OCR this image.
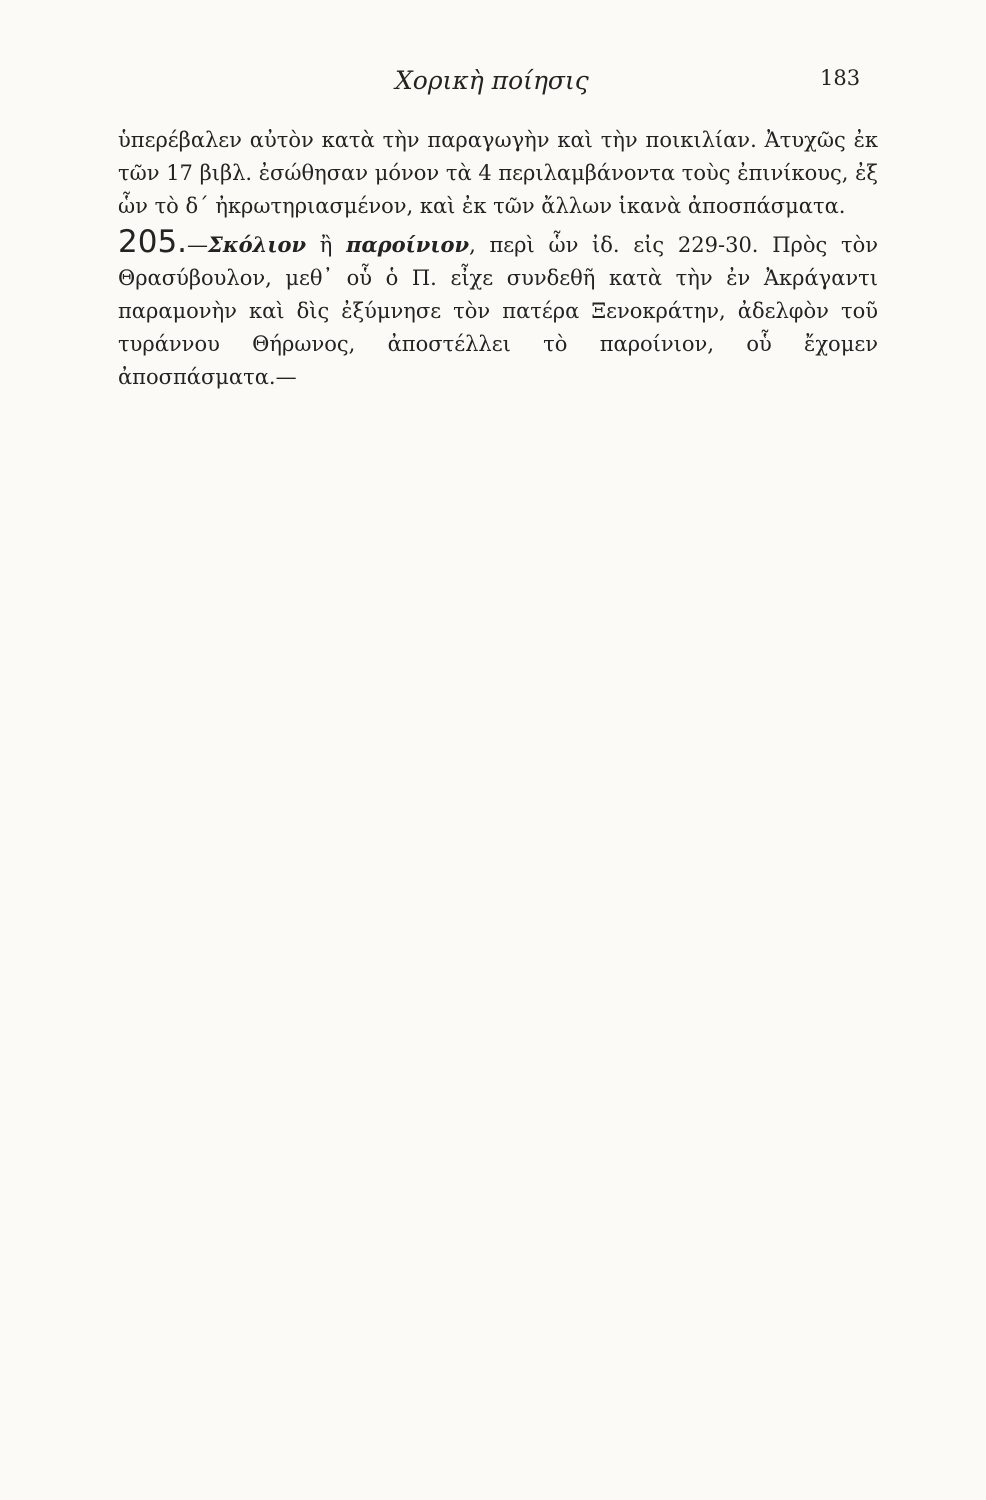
Χορικὴ ποίησις	183

ὑπερέβαλεν αὐτὸν κατὰ τὴν παραγωγὴν καὶ τὴν ποικιλίαν. Ἀτυχῶς ἐκ τῶν 17 βιβλ. ἐσώθησαν μόνον τὰ 4 περιλαμβάνοντα τοὺς ἐπινίκους, ἐξ ὧν τὸ δ΄ ἠκρωτηριασμένον, καὶ ἐκ τῶν ἄλλων ἱκανὰ ἀποσπάσματα.

205.—Σκόλιον ἢ παροίνιον, περὶ ὧν ἰδ. εἰς 229-30. Πρὸς τὸν Θρασύβουλον, μεθ᾽ οὗ ὁ Π. εἶχε συνδεθῆ κατὰ τὴν ἐν Ἀκράγαντι παραμονὴν καὶ δὶς ἐξύμνησε τὸν πατέρα Ξενοκράτην, ἀδελφὸν τοῦ τυράννου Θήρωνος, ἀποστέλλει τὸ παροίνιον, οὗ ἔχομεν ἀποσπάσματα.—
